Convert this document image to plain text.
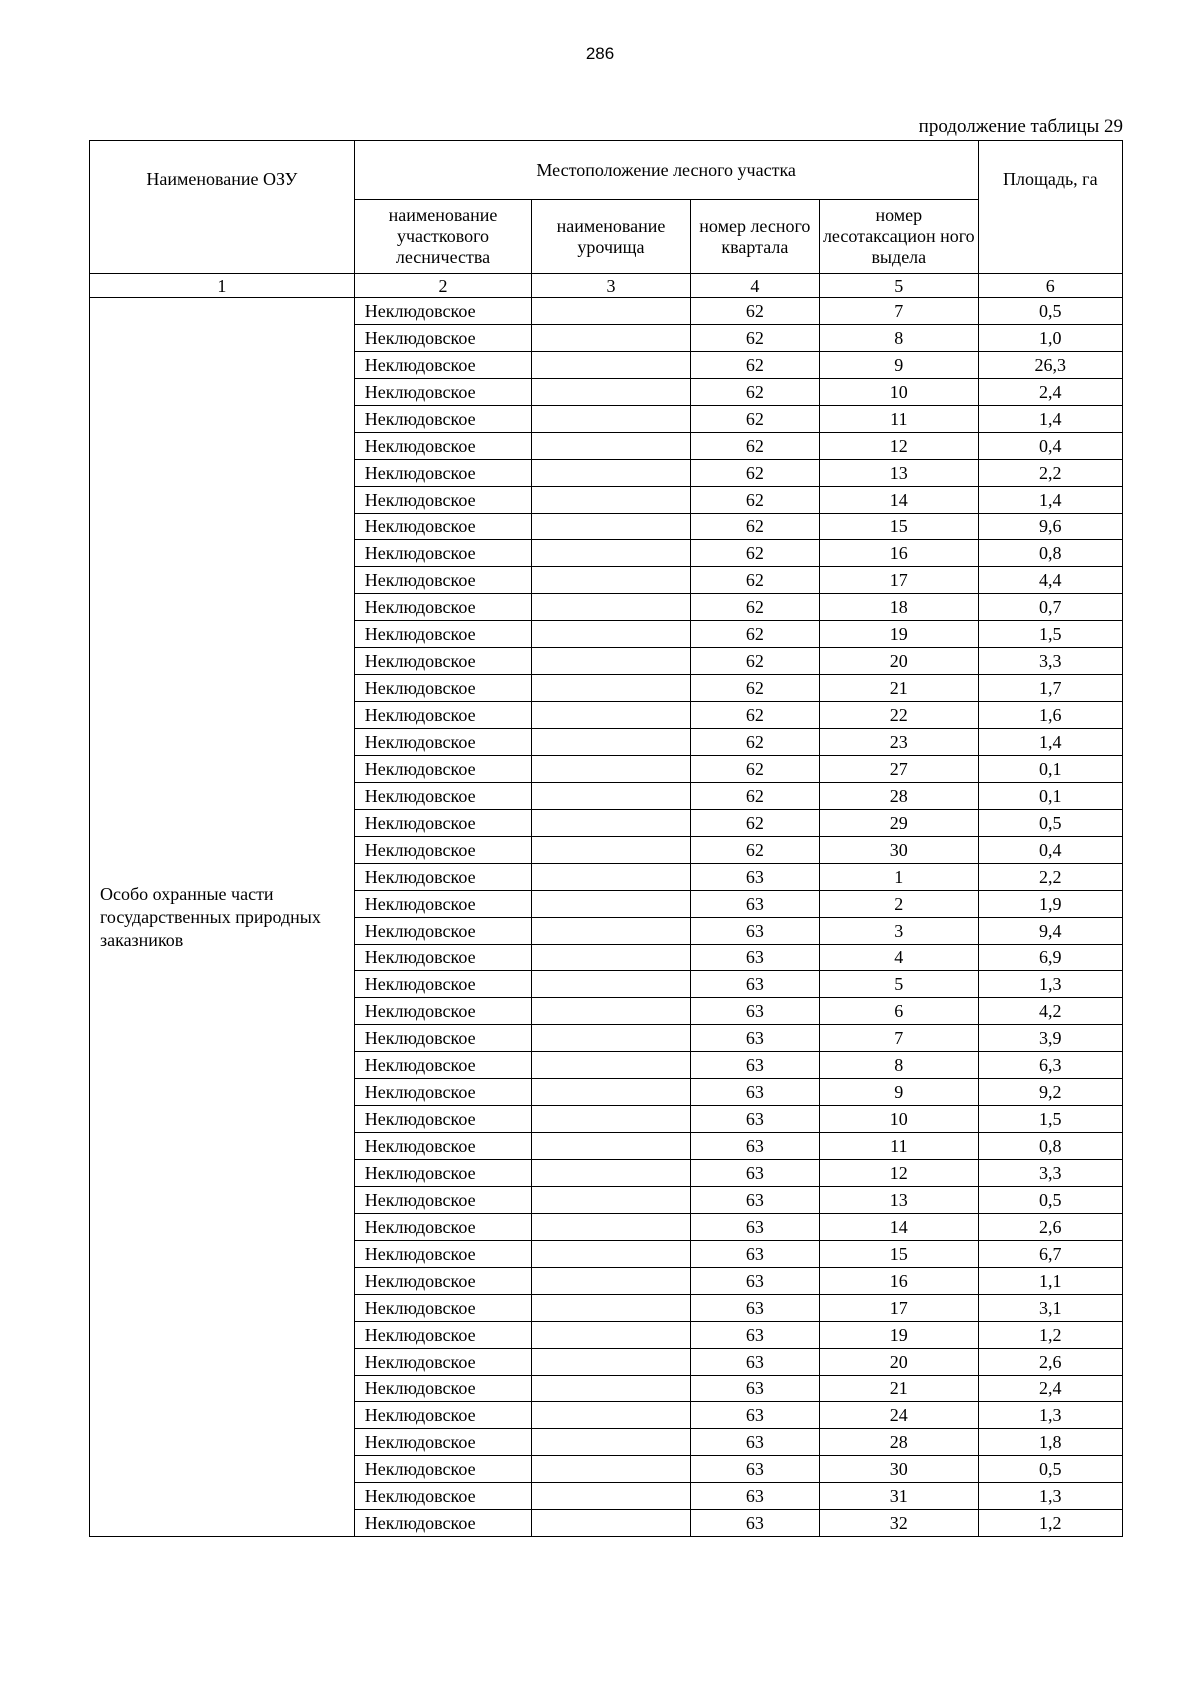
286
продолжение таблицы 29
Наименование ОЗУ	Местоположение лесного участка				Площадь, га
	наименование участкового лесничества	наименование урочища	номер лесного квартала	номер лесотаксацион ного выдела	
1	2	3	4	5	6
Особо охранные части государственных природных заказников	Неклюдовское		62	7	0,5
	Неклюдовское		62	8	1,0
	Неклюдовское		62	9	26,3
	Неклюдовское		62	10	2,4
	Неклюдовское		62	11	1,4
	Неклюдовское		62	12	0,4
	Неклюдовское		62	13	2,2
	Неклюдовское		62	14	1,4
	Неклюдовское		62	15	9,6
	Неклюдовское		62	16	0,8
	Неклюдовское		62	17	4,4
	Неклюдовское		62	18	0,7
	Неклюдовское		62	19	1,5
	Неклюдовское		62	20	3,3
	Неклюдовское		62	21	1,7
	Неклюдовское		62	22	1,6
	Неклюдовское		62	23	1,4
	Неклюдовское		62	27	0,1
	Неклюдовское		62	28	0,1
	Неклюдовское		62	29	0,5
	Неклюдовское		62	30	0,4
	Неклюдовское		63	1	2,2
	Неклюдовское		63	2	1,9
	Неклюдовское		63	3	9,4
	Неклюдовское		63	4	6,9
	Неклюдовское		63	5	1,3
	Неклюдовское		63	6	4,2
	Неклюдовское		63	7	3,9
	Неклюдовское		63	8	6,3
	Неклюдовское		63	9	9,2
	Неклюдовское		63	10	1,5
	Неклюдовское		63	11	0,8
	Неклюдовское		63	12	3,3
	Неклюдовское		63	13	0,5
	Неклюдовское		63	14	2,6
	Неклюдовское		63	15	6,7
	Неклюдовское		63	16	1,1
	Неклюдовское		63	17	3,1
	Неклюдовское		63	19	1,2
	Неклюдовское		63	20	2,6
	Неклюдовское		63	21	2,4
	Неклюдовское		63	24	1,3
	Неклюдовское		63	28	1,8
	Неклюдовское		63	30	0,5
	Неклюдовское		63	31	1,3
	Неклюдовское		63	32	1,2
